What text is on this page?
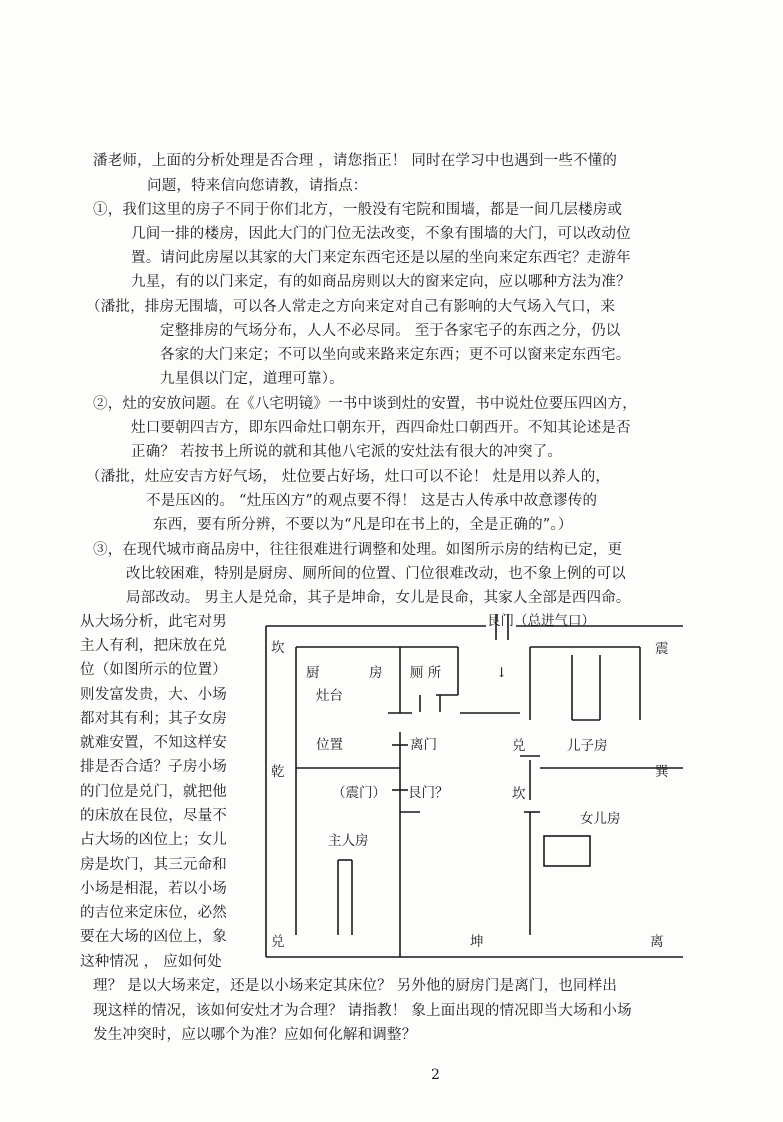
潘老师，上面的分析处理是否合理 ，请您指正！ 同时在学习中也遇到一些不懂的
问题，特来信向您请教，请指点：
①，我们这里的房子不同于你们北方，一般没有宅院和围墙，都是一间几层楼房或
几间一排的楼房，因此大门的门位无法改变，不象有围墙的大门，可以改动位
置。请问此房屋以其家的大门来定东西宅还是以屋的坐向来定东西宅？走游年
九星，有的以门来定，有的如商品房则以大的窗来定向，应以哪种方法为准？
（潘批，排房无围墙，可以各人常走之方向来定对自己有影响的大气场入气口，来
定整排房的气场分布，人人不必尽同。 至于各家宅子的东西之分，仍以
各家的大门来定；不可以坐向或来路来定东西；更不可以窗来定东西宅。
九星俱以门定，道理可靠）。
②，灶的安放问题。在《八宅明镜》一书中谈到灶的安置，书中说灶位要压四凶方，
灶口要朝四吉方，即东四命灶口朝东开，西四命灶口朝西开。不知其论述是否
正确？ 若按书上所说的就和其他八宅派的安灶法有很大的冲突了。
（潘批，灶应安吉方好气场， 灶位要占好场，灶口可以不论！ 灶是用以养人的，
不是压凶的。 “灶压凶方”的观点要不得！ 这是古人传承中故意谬传的
东西，要有所分辨，不要以为“凡是印在书上的，全是正确的”。）
③，在现代城市商品房中，往往很难进行调整和处理。如图所示房的结构已定，更
改比较困难，特别是厨房、厕所间的位置、门位很难改动，也不象上例的可以
局部改动。 男主人是兑命，其子是坤命，女儿是艮命，其家人全部是西四命。
从大场分析，此宅对男
主人有利，把床放在兑
位（如图所示的位置）
则发富发贵，大、小场
都对其有利；其子女房
就难安置，不知这样安
排是否合适？子房小场
的门位是兑门，就把他
的床放在艮位，尽量不
占大场的凶位上；女儿
房是坎门，其三元命和
小场是相混，若以小场
的吉位来定床位，必然
要在大场的凶位上，象
这种情况 ， 应如何处
理？ 是以大场来定，还是以小场来定其床位？ 另外他的厨房门是离门，也同样出
现这样的情况，该如何安灶才为合理？ 请指教！ 象上面出现的情况即当大场和小场
发生冲突时，应以哪个为准？应如何化解和调整？
艮门（总进气口）
坎	震
厨	房 厕 所	↓
灶台
位置	离门	兑	儿子房
乾	巽
（震门） 艮门？	坎
女儿房
主人房
兑	坤	离
2
